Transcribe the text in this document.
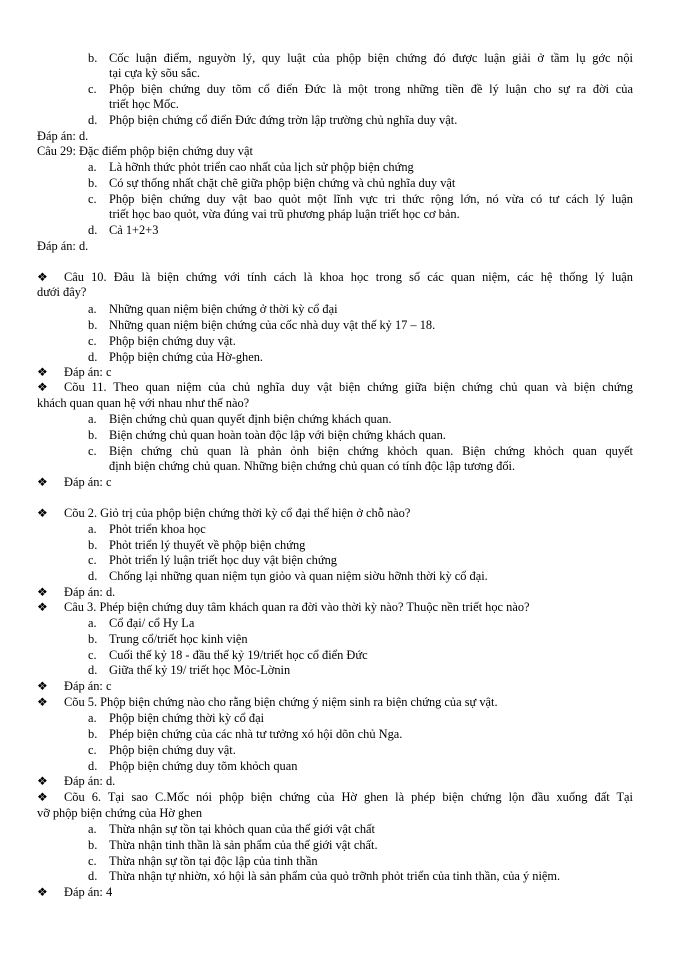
b. Cốc luận điểm, nguyờn lý, quy luật của phộp biện chứng đó được luận giải ở tầm lụ gớc nội
tại cựa kỳ sõu sắc.
c. Phộp biện chứng duy tõm cổ điển Đức là một trong những tiền đề lý luận cho sự ra đời của
triết học Mốc.
d. Phộp biện chứng cổ điển Đức đứng trờn lập trường chủ nghĩa duy vật.
Đáp án: d.
Câu 29: Đặc điểm phộp biện chứng duy vật
a. Là hỡnh thức phỏt triển cao nhất của lịch sử phộp biện chứng
b. Có sự thống nhất chặt chẽ giữa phộp biện chứng và chủ nghĩa duy vật
c. Phộp biện chứng duy vật bao quỏt một lĩnh vực tri thức rộng lớn, nó vừa có tư cách lý luận
triết học bao quỏt, vừa đúng vai trũ phương pháp luận triết học cơ bản.
d. Cả 1+2+3
Đáp án: d.
❖ Câu 10. Đâu là biện chứng với tính cách là khoa học trong số các quan niệm, các hệ thống lý luận
dưới đây?
a. Những quan niệm biện chứng ở thời kỳ cổ đại
b. Những quan niệm biện chứng của cốc nhà duy vật thế kỷ 17 – 18.
c. Phộp biện chứng duy vật.
d. Phộp biện chứng của Hờ-ghen.
❖ Đáp án: c
❖ Cõu 11. Theo quan niệm của chủ nghĩa duy vật biện chứng giữa biện chứng chủ quan và biện chứng
khách quan quan hệ với nhau như thế nào?
a. Biện chứng chủ quan quyết định biện chứng khách quan.
b. Biện chứng chủ quan hoàn toàn độc lập với biện chứng khách quan.
c. Biện chứng chủ quan là phản ỏnh biện chứng khỏch quan. Biện chứng khỏch quan quyết
định biện chứng chủ quan. Những biện chứng chủ quan có tính độc lập tương đối.
❖ Đáp án: c
❖ Cõu 2. Giỏ trị của phộp biện chứng thời kỳ cổ đại thể hiện ở chỗ nào?
a. Phỏt triển khoa học
b. Phỏt triển lý thuyết về phộp biện chứng
c. Phỏt triển lý luận triết học duy vật biện chứng
d. Chống lại những quan niệm tụn giỏo và quan niệm siờu hỡnh thời kỳ cổ đại.
❖ Đáp án: d.
❖ Câu 3. Phép biện chứng duy tâm khách quan ra đời vào thời kỳ nào? Thuộc nền triết học nào?
a. Cổ đại/ cổ Hy La
b. Trung cổ/triết học kinh viện
c. Cuối thế kỷ 18 - đầu thế kỷ 19/triết học cổ điển Đức
d. Giữa thế kỷ 19/ triết học Mỏc-Lờnin
❖ Đáp án: c
❖ Cõu 5. Phộp biện chứng nào cho rằng biện chứng ý niệm sinh ra biện chứng của sự vật.
a. Phộp biện chứng thời kỳ cổ đại
b. Phép biện chứng của các nhà tư tưởng xó hội dõn chủ Nga.
c. Phộp biện chứng duy vật.
d. Phộp biện chứng duy tõm khỏch quan
❖ Đáp án: d.
❖ Cõu 6. Tại sao C.Mốc nói phộp biện chứng của Hờ ghen là phép biện chứng lộn đầu xuống đất Tại
vỡ phộp biện chứng của Hờ ghen
a. Thừa nhận sự tồn tại khỏch quan của thế giới vật chất
b. Thừa nhận tinh thần là sản phẩm của thế giới vật chất.
c. Thừa nhận sự tồn tại độc lập của tinh thần
d. Thừa nhận tự nhiờn, xó hội là sản phẩm của quỏ trỡnh phỏt triển của tinh thần, của ý niệm.
❖ Đáp án: 4
